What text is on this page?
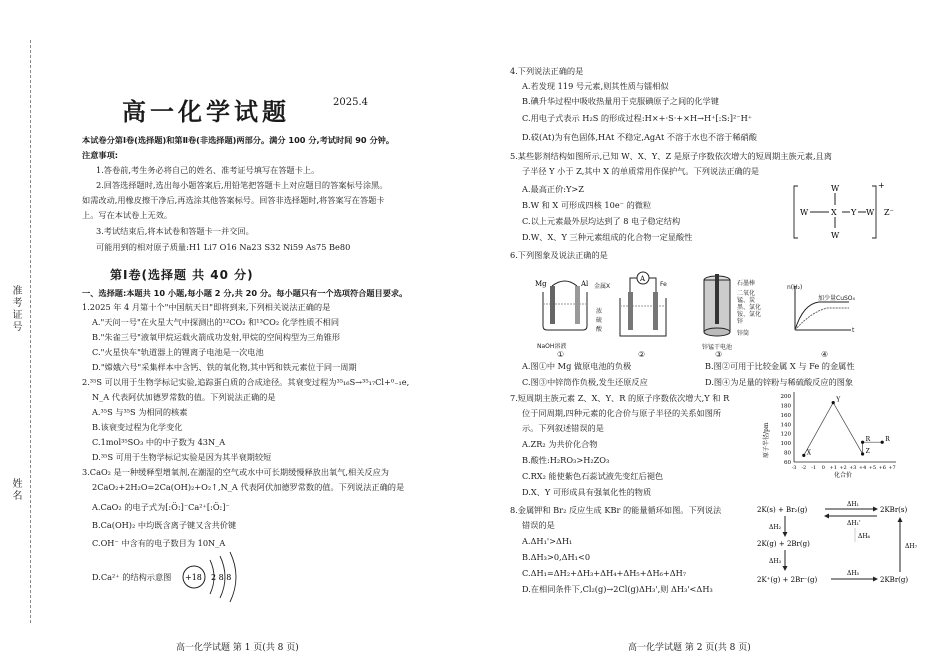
准考证号
姓名
高一化学试题	2025.4
本试卷分第Ⅰ卷(选择题)和第Ⅱ卷(非选择题)两部分。满分 100 分,考试时间 90 分钟。
注意事项:
1.答卷前,考生务必将自己的姓名、准考证号填写在答题卡上。
2.回答选择题时,选出每小题答案后,用铅笔把答题卡上对应题目的答案标号涂黑。
如需改动,用橡皮擦干净后,再选涂其他答案标号。回答非选择题时,将答案写在答题卡
上。写在本试卷上无效。
3.考试结束后,将本试卷和答题卡一并交回。
可能用到的相对原子质量:H1 Li7 O16 Na23 S32 Ni59 As75 Be80
第Ⅰ卷(选择题 共 40 分)
一、选择题:本题共 10 小题,每小题 2 分,共 20 分。每小题只有一个选项符合题目要求。
1.2025 年 4 月第十个"中国航天日"即将到来,下列相关说法正确的是
A."天问一号"在火星大气中探测出的¹²CO₂ 和¹³CO₂ 化学性质不相同
B."朱雀三号"液氧甲烷运载火箭成功发射,甲烷的空间构型为三角锥形
C."火星快车"轨道器上的锂离子电池是一次电池
D."嫦娥六号"采集样本中含钙、铁的氧化物,其中钙和铁元素位于同一周期
2.³⁵S 可以用于生物学标记实验,追踪蛋白质的合成途径。其衰变过程为³⁵₁₆S→³⁵₁₇Cl+⁰₋₁e,
N_A 代表阿伏加德罗常数的值。下列说法正确的是
A.³⁵S 与³⁵S 为相同的核素
B.该衰变过程为化学变化
C.1mol³⁵SO₃ 中的中子数为 43N_A
D.³⁵S 可用于生物学标记实验是因为其半衰期较短
3.CaO₂ 是一种缓释型增氧剂,在潮湿的空气或水中可长期缓慢释放出氧气,相关反应为
2CaO₂+2H₂O=2Ca(OH)₂+O₂↑,N_A 代表阿伏加德罗常数的值。下列说法正确的是
A.CaO₂ 的电子式为[:Ö:]⁻Ca²⁺[:Ö:]⁻
B.Ca(OH)₂ 中均既含离子键又含共价键
C.OH⁻ 中含有的电子数目为 10N_A
D.Ca²⁺ 的结构示意图 +18 2 8 8
高一化学试题 第 1 页(共 8 页)
4.下列说法正确的是
A.若发现 119 号元素,则其性质与镭相似
B.碘升华过程中吸收热量用于克服碘原子之间的化学键
C.用电子式表示 H₂S 的形成过程:H×+·S·+×H→H⁺[:S:]²⁻H⁺
D.砹(At)为有色固体,HAt 不稳定,AgAt 不溶于水也不溶于稀硝酸
5.某些影剂结构如图所示,已知 W、X、Y、Z 是原子序数依次增大的短周期主族元素,且离
子半径 Y 小于 Z,其中 X 的单质常用作保护气。下列说法正确的是
A.最高正价:Y>Z
B.W 和 X 可形成四核 10e⁻ 的微粒
C.以上元素最外层均达到了 8 电子稳定结构
D.W、X、Y 三种元素组成的化合物一定显酸性
W
W	X Y W
W
+
Z⁻
6.下列图象及说法正确的是
Mg	Al
NaOH溶液
①
A
金属X	Fe
浓硫酸
②
石墨棒
二氧化锰、炭黑、氯化铵、氯化锌
锌筒
锌锰干电池
③
n(H₂)
加少量CuSO₄
t
④
A.图①中 Mg 做原电池的负极	B.图②可用于比较金属 X 与 Fe 的金属性
C.图③中锌筒作负极,发生还原反应	D.图④为足量的锌粉与稀硫酸反应的图象
7.短周期主族元素 Z、X、Y、R 的原子序数依次增大,Y 和 R
位于同周期,四种元素的化合价与原子半径的关系如图所
示。下列叙述错误的是
A.ZR₂ 为共价化合物
B.酸性:H₂RO₃>H₂ZO₃
C.RX₂ 能使紫色石蕊试液先变红后褪色
D.X、Y 可形成具有强氧化性的物质
原子半径/pm
化合价
60
80
100
120
140
160
180
200
-3 -2 -1 0 +1 +2 +3 +4 +5 +6 +7
Z
X
Y
R
R
8.金属钾和 Br₂ 反应生成 KBr 的能量循环如图。下列说法
错误的是
A.ΔH₁'>ΔH₁
B.ΔH₃>0,ΔH₁<0
C.ΔH₁=ΔH₂+ΔH₃+ΔH₄+ΔH₅+ΔH₆+ΔH₇
D.在相同条件下,Cl₂(g)→2Cl(g)ΔH₃',则 ΔH₃'<ΔH₃
2K(s) + Br₂(g)	2KBr(s)
ΔH₁
ΔH₁'
ΔH₂
2K(g) + 2Br(g)
ΔH₃
2K⁺(g) + 2Br⁻(g)
ΔH₅
2KBr(g)
ΔH₇
ΔH₆
高一化学试题 第 2 页(共 8 页)
